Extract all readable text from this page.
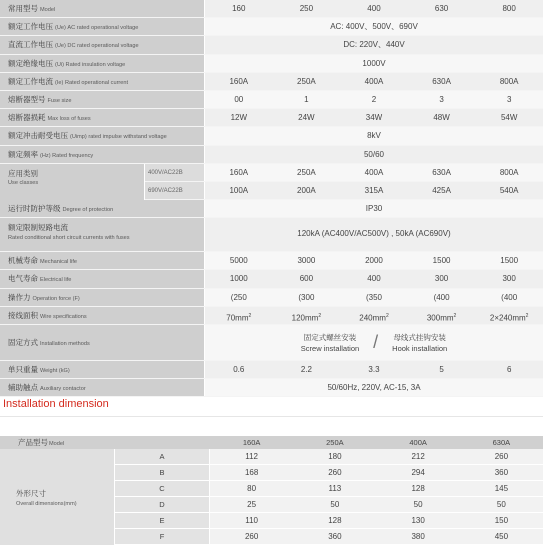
常用型号 Model	160	250	400	630	800
额定工作电压 (Ue) AC rated operational voltage	AC: 400V、500V、690V
直流工作电压 (Ue) DC rated operational voltage	DC: 220V、440V
额定绝缘电压 (Ui) Rated insulation voltage	1000V
额定工作电流 (Ie) Rated operational current	160A	250A	400A	630A	800A
熔断器型号 Fuse size	00	1	2	3	3
熔断器损耗 Max loss of fuses	12W	24W	34W	48W	54W
额定冲击耐受电压 (Uimp) rated impulse withstand voltage	8kV
额定频率 (Hz) Rated frequency	50/60
应用类别
Use classes
400V/AC22B	160A	250A	400A	630A	800A
690V/AC22B	100A	200A	315A	425A	540A
运行时防护等级 Degree of protection	IP30
额定限制短路电流
Rated conditional short circuit currents with fuses	120kA (AC400V/AC500V) , 50kA (AC690V)
机械寿命 Mechanical life	5000	3000	2000	1500	1500
电气寿命 Electrical life	1000	600	400	300	300
操作力 Operation force (F)	(250	(300	(350	(400	(400
接线面积 Wire specifications	$70mm^2$	$120mm^2$	$240mm^2$	$300mm^2$	$2\times 240mm^2$
固定方式 Installation methods
固定式螺丝安装
Screw installation / 母线式挂钩安装
Hook installation
单只重量 Weight (kG)	0.6	2.2	3.3	5	6
辅助触点 Auxiliary contactor	50/60Hz, 220V, AC-15, 3A
Installation dimension
产品型号Model	160A	250A	400A	630A
外形尺寸
Overall dimensions(mm)
A	112	180	212	260
B	168	260	294	360
C	80	113	128	145
D	25	50	50	50
E	110	128	130	150
F	260	360	380	450
